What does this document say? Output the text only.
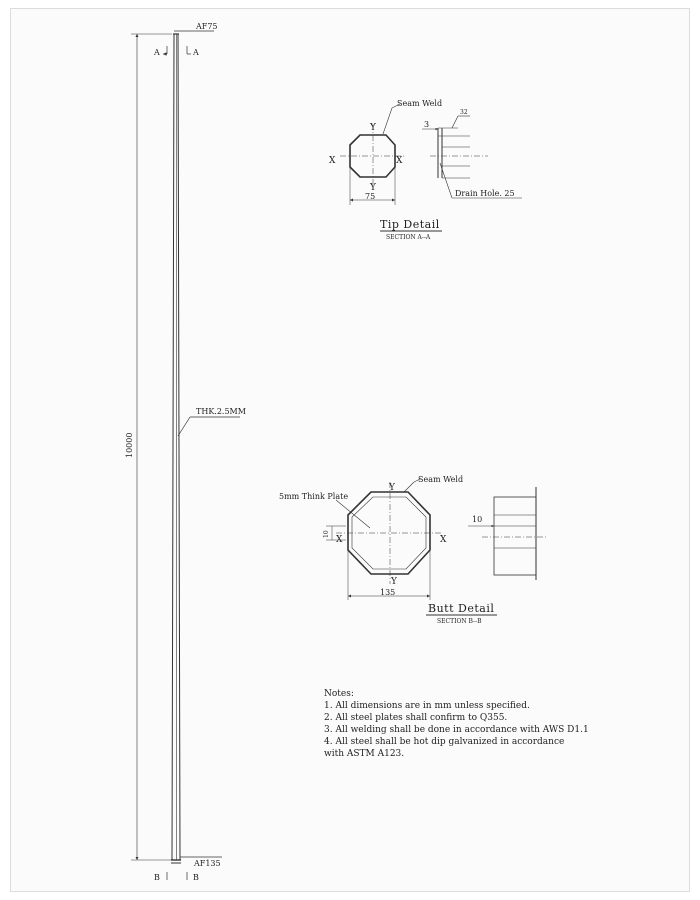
AF75
AF135
A	A
B	B
10000
THK.2.5MM
Seam Weld
X	X
Y
Y
75
3
32
Drain Hole. 25
Tip Detail
SECTION A--A
Seam Weld
5mm Think Plate
X	X
Y
Y
135
10
10
Butt Detail
SECTION B--B
Notes:
1. All dimensions are in mm unless specified.
2. All steel plates shall confirm to Q355.
3. All welding shall be done in accordance with AWS D1.1
4. All steel shall be hot dip galvanized in accordance
with ASTM A123.
